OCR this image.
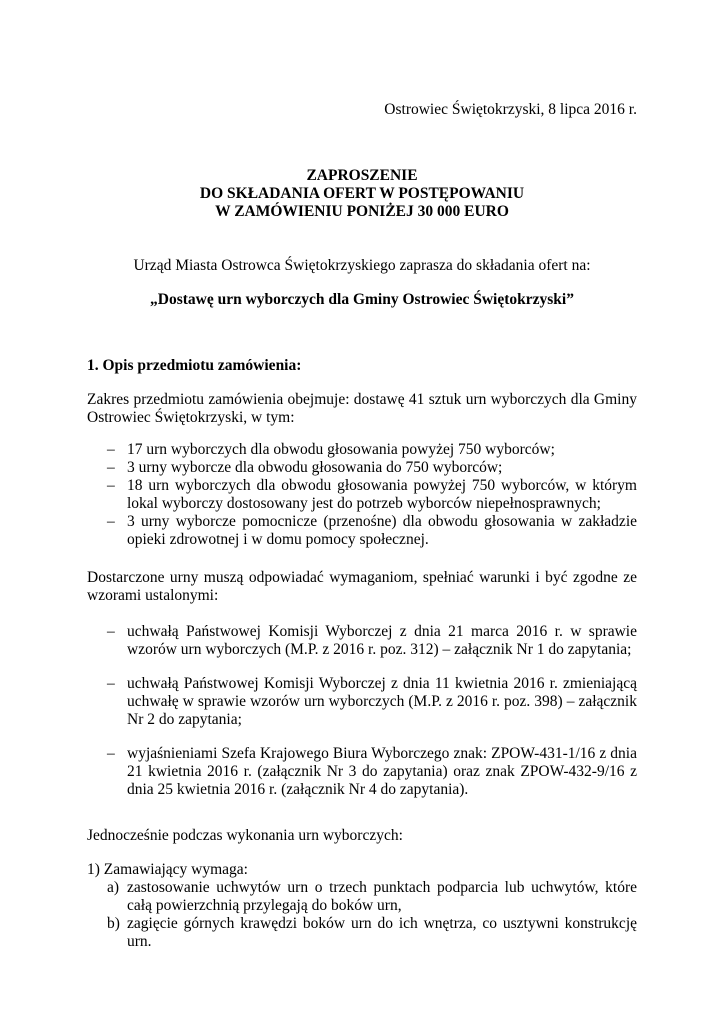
Ostrowiec Świętokrzyski, 8 lipca 2016 r.
ZAPROSZENIE
DO SKŁADANIA OFERT W POSTĘPOWANIU
W ZAMÓWIENIU PONIŻEJ 30 000 EURO
Urząd Miasta Ostrowca Świętokrzyskiego zaprasza do składania ofert na:
„Dostawę urn wyborczych dla Gminy Ostrowiec Świętokrzyski”
1. Opis przedmiotu zamówienia:
Zakres przedmiotu zamówienia obejmuje: dostawę 41 sztuk urn wyborczych dla Gminy Ostrowiec Świętokrzyski, w tym:
– 17 urn wyborczych dla obwodu głosowania powyżej 750 wyborców;
– 3 urny wyborcze dla obwodu głosowania do 750 wyborców;
– 18 urn wyborczych dla obwodu głosowania powyżej 750 wyborców, w którym lokal wyborczy dostosowany jest do potrzeb wyborców niepełnosprawnych;
– 3 urny wyborcze pomocnicze (przenośne) dla obwodu głosowania w zakładzie opieki zdrowotnej i w domu pomocy społecznej.
Dostarczone urny muszą odpowiadać wymaganiom, spełniać warunki i być zgodne ze wzorami ustalonymi:
– uchwałą Państwowej Komisji Wyborczej z dnia 21 marca 2016 r. w sprawie wzorów urn wyborczych (M.P. z 2016 r. poz. 312) – załącznik Nr 1 do zapytania;
– uchwałą Państwowej Komisji Wyborczej z dnia 11 kwietnia 2016 r. zmieniającą uchwałę w sprawie wzorów urn wyborczych (M.P. z 2016 r. poz. 398) – załącznik Nr 2 do zapytania;
– wyjaśnieniami Szefa Krajowego Biura Wyborczego znak: ZPOW-431-1/16 z dnia 21 kwietnia 2016 r. (załącznik Nr 3 do zapytania) oraz znak ZPOW-432-9/16 z dnia 25 kwietnia 2016 r. (załącznik Nr 4 do zapytania).
Jednocześnie podczas wykonania urn wyborczych:
1) Zamawiający wymaga:
a) zastosowanie uchwytów urn o trzech punktach podparcia lub uchwytów, które całą powierzchnią przylegają do boków urn,
b) zagięcie górnych krawędzi boków urn do ich wnętrza, co usztywni konstrukcję urn.
